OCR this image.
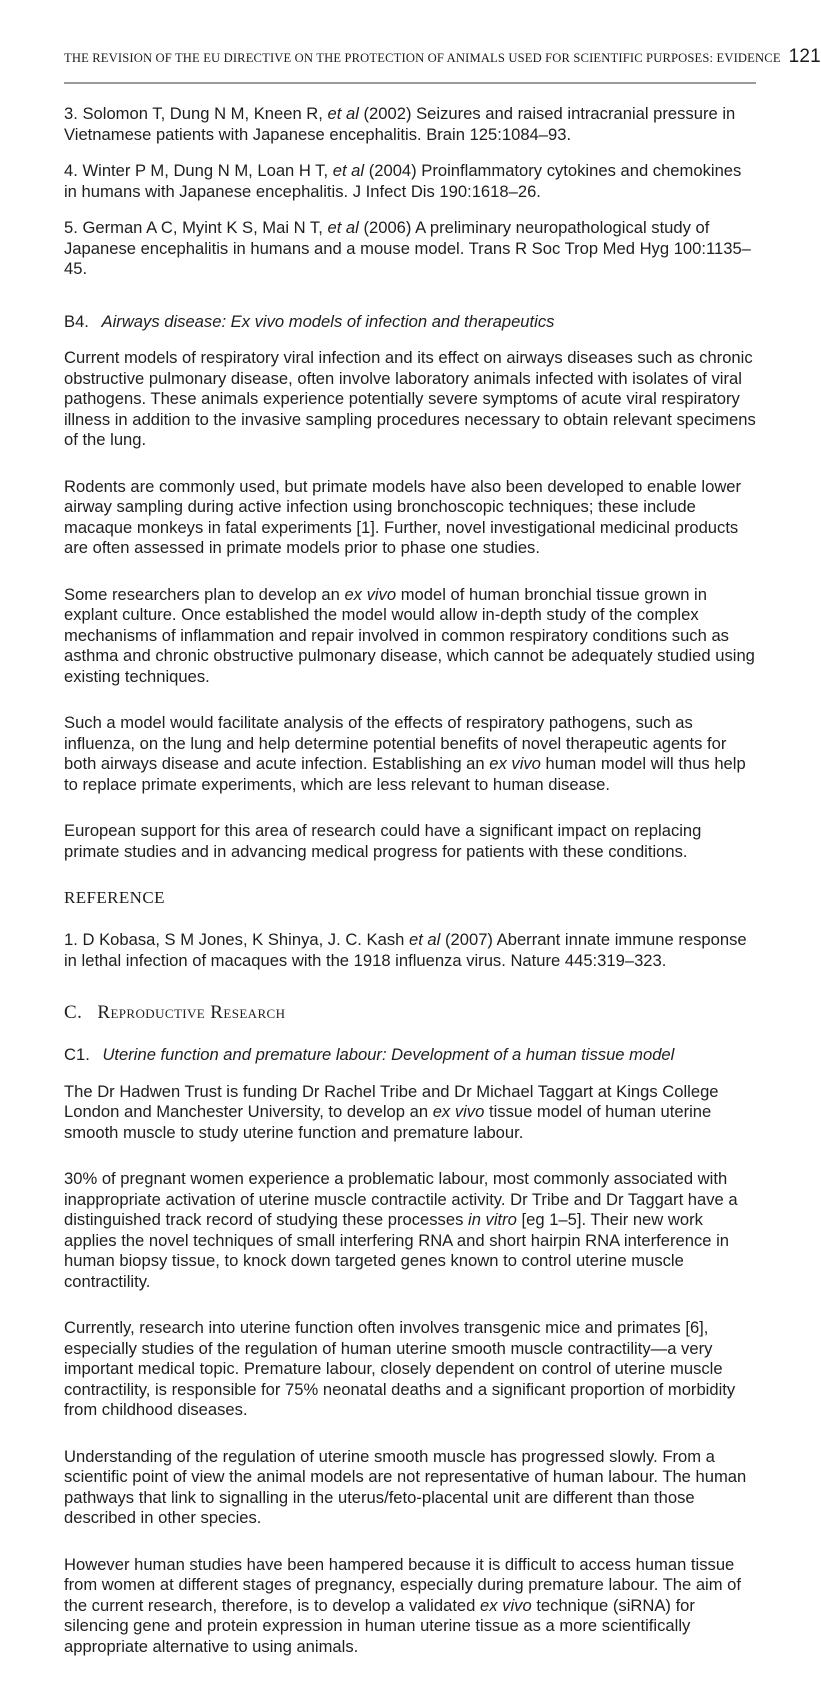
THE REVISION OF THE EU DIRECTIVE ON THE PROTECTION OF ANIMALS USED FOR SCIENTIFIC PURPOSES: EVIDENCE 121

3. Solomon T, Dung N M, Kneen R, et al (2002) Seizures and raised intracranial pressure in Vietnamese patients with Japanese encephalitis. Brain 125:1084–93.

4. Winter P M, Dung N M, Loan H T, et al (2004) Proinflammatory cytokines and chemokines in humans with Japanese encephalitis. J Infect Dis 190:1618–26.

5. German A C, Myint K S, Mai N T, et al (2006) A preliminary neuropathological study of Japanese encephalitis in humans and a mouse model. Trans R Soc Trop Med Hyg 100:1135–45.

B4. Airways disease: Ex vivo models of infection and therapeutics

Current models of respiratory viral infection and its effect on airways diseases such as chronic obstructive pulmonary disease, often involve laboratory animals infected with isolates of viral pathogens. These animals experience potentially severe symptoms of acute viral respiratory illness in addition to the invasive sampling procedures necessary to obtain relevant specimens of the lung.

Rodents are commonly used, but primate models have also been developed to enable lower airway sampling during active infection using bronchoscopic techniques; these include macaque monkeys in fatal experiments [1]. Further, novel investigational medicinal products are often assessed in primate models prior to phase one studies.

Some researchers plan to develop an ex vivo model of human bronchial tissue grown in explant culture. Once established the model would allow in-depth study of the complex mechanisms of inflammation and repair involved in common respiratory conditions such as asthma and chronic obstructive pulmonary disease, which cannot be adequately studied using existing techniques.

Such a model would facilitate analysis of the effects of respiratory pathogens, such as influenza, on the lung and help determine potential benefits of novel therapeutic agents for both airways disease and acute infection. Establishing an ex vivo human model will thus help to replace primate experiments, which are less relevant to human disease.

European support for this area of research could have a significant impact on replacing primate studies and in advancing medical progress for patients with these conditions.

REFERENCE

1. D Kobasa, S M Jones, K Shinya, J. C. Kash et al (2007) Aberrant innate immune response in lethal infection of macaques with the 1918 influenza virus. Nature 445:319–323.

C. Reproductive Research
C1. Uterine function and premature labour: Development of a human tissue model

The Dr Hadwen Trust is funding Dr Rachel Tribe and Dr Michael Taggart at Kings College London and Manchester University, to develop an ex vivo tissue model of human uterine smooth muscle to study uterine function and premature labour.

30% of pregnant women experience a problematic labour, most commonly associated with inappropriate activation of uterine muscle contractile activity. Dr Tribe and Dr Taggart have a distinguished track record of studying these processes in vitro [eg 1–5]. Their new work applies the novel techniques of small interfering RNA and short hairpin RNA interference in human biopsy tissue, to knock down targeted genes known to control uterine muscle contractility.

Currently, research into uterine function often involves transgenic mice and primates [6], especially studies of the regulation of human uterine smooth muscle contractility—a very important medical topic. Premature labour, closely dependent on control of uterine muscle contractility, is responsible for 75% neonatal deaths and a significant proportion of morbidity from childhood diseases.

Understanding of the regulation of uterine smooth muscle has progressed slowly. From a scientific point of view the animal models are not representative of human labour. The human pathways that link to signalling in the uterus/feto-placental unit are different than those described in other species.

However human studies have been hampered because it is difficult to access human tissue from women at different stages of pregnancy, especially during premature labour. The aim of the current research, therefore, is to develop a validated ex vivo technique (siRNA) for silencing gene and protein expression in human uterine tissue as a more scientifically appropriate alternative to using animals.
